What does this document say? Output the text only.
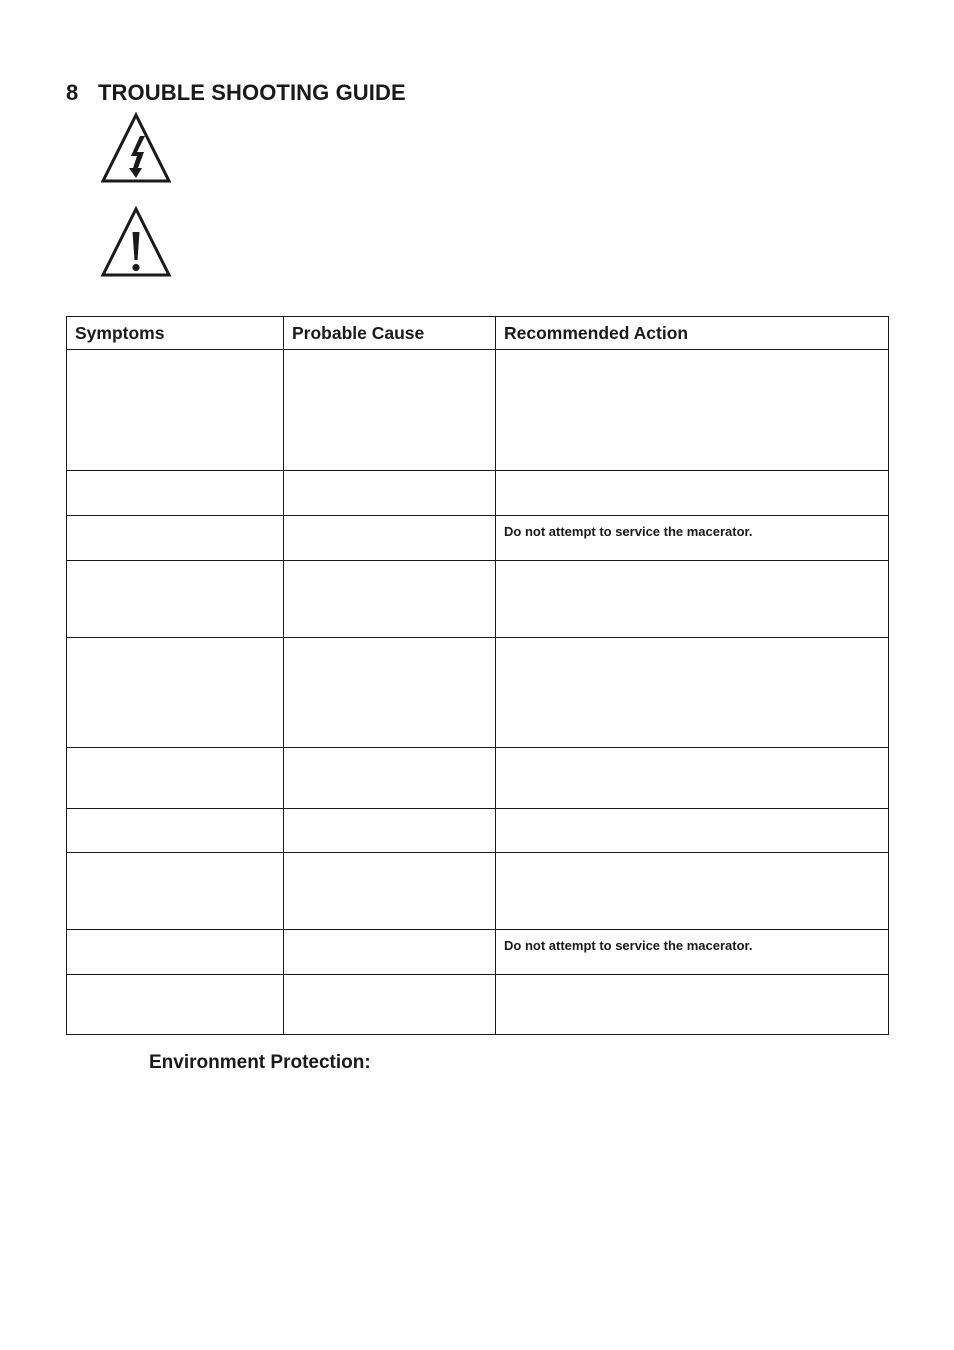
8 TROUBLE SHOOTING GUIDE
Symptoms	Probable Cause	Recommended Action

		Do not attempt to service the macerator.

		Do not attempt to service the macerator.

Environment Protection:
